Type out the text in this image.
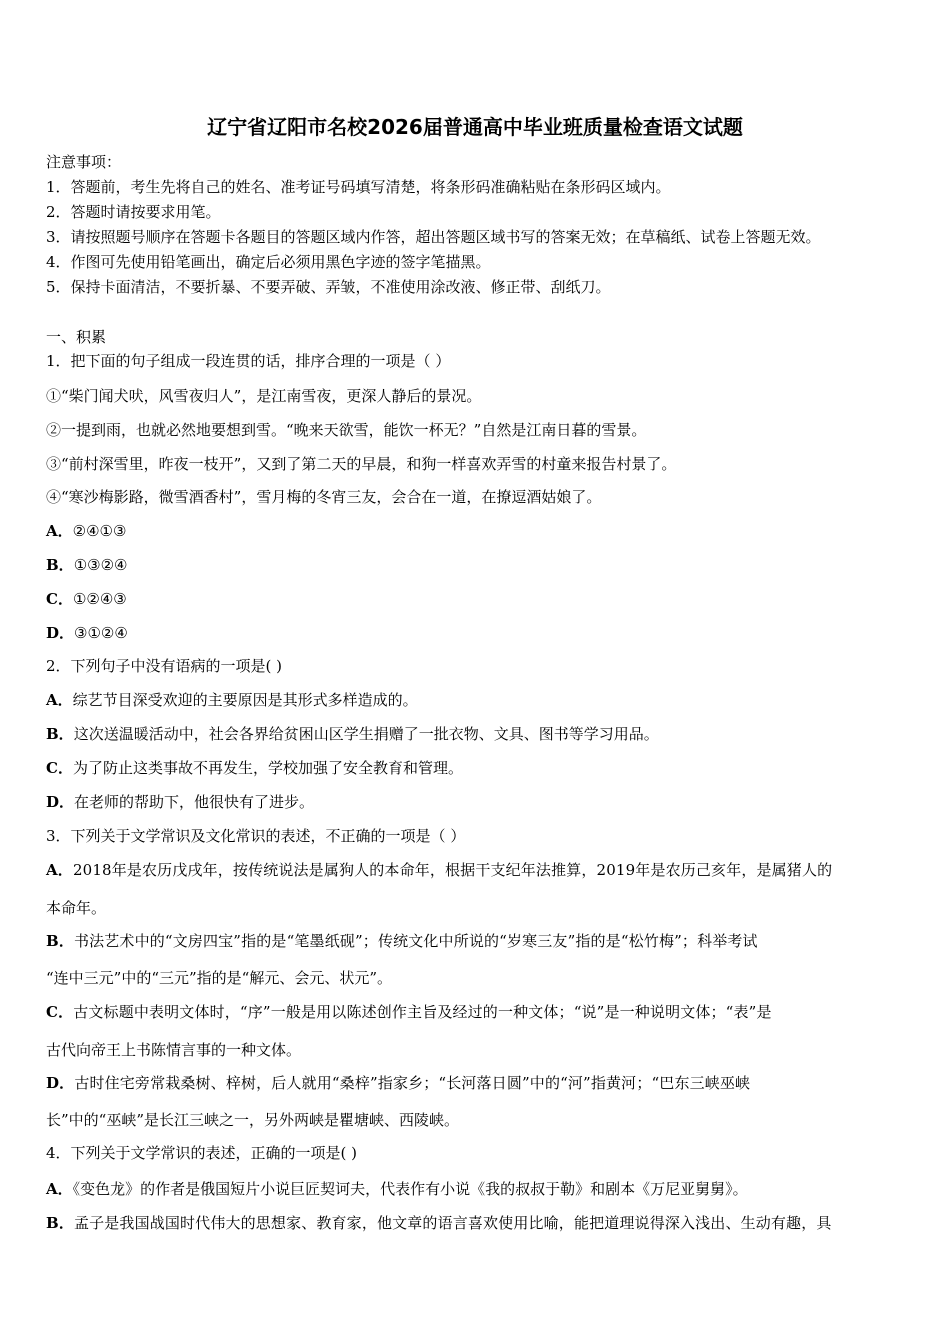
辽宁省辽阳市名校2026届普通高中毕业班质量检查语文试题
注意事项：
1．答题前，考生先将自己的姓名、准考证号码填写清楚，将条形码准确粘贴在条形码区域内。
2．答题时请按要求用笔。
3．请按照题号顺序在答题卡各题目的答题区域内作答，超出答题区域书写的答案无效；在草稿纸、试卷上答题无效。
4．作图可先使用铅笔画出，确定后必须用黑色字迹的签字笔描黑。
5．保持卡面清洁，不要折暴、不要弄破、弄皱，不准使用涂改液、修正带、刮纸刀。
一、积累
1．把下面的句子组成一段连贯的话，排序合理的一项是（ ）
①“柴门闻犬吠，风雪夜归人”，是江南雪夜，更深人静后的景况。
②一提到雨，也就必然地要想到雪。“晚来天欲雪，能饮一杯无？”自然是江南日暮的雪景。
③“前村深雪里，昨夜一枝开”，又到了第二天的早晨，和狗一样喜欢弄雪的村童来报告村景了。
④“寒沙梅影路，微雪酒香村”，雪月梅的冬宵三友，会合在一道，在撩逗酒姑娘了。
A．②④①③
B．①③②④
C．①②④③
D．③①②④
2．下列句子中没有语病的一项是( )
A．综艺节目深受欢迎的主要原因是其形式多样造成的。
B．这次送温暖活动中，社会各界给贫困山区学生捐赠了一批衣物、文具、图书等学习用品。
C．为了防止这类事故不再发生，学校加强了安全教育和管理。
D．在老师的帮助下，他很快有了进步。
3．下列关于文学常识及文化常识的表述，不正确的一项是（ ）
A．2018年是农历戊戌年，按传统说法是属狗人的本命年，根据干支纪年法推算，2019年是农历己亥年，是属猪人的
本命年。
B．书法艺术中的“文房四宝”指的是“笔墨纸砚”；传统文化中所说的“岁寒三友”指的是“松竹梅”；科举考试
“连中三元”中的“三元”指的是“解元、会元、状元”。
C．古文标题中表明文体时，“序”一般是用以陈述创作主旨及经过的一种文体；“说”是一种说明文体；“表”是
古代向帝王上书陈情言事的一种文体。
D．古时住宅旁常栽桑树、梓树，后人就用“桑梓”指家乡；“长河落日圆”中的“河”指黄河；“巴东三峡巫峡
长”中的“巫峡”是长江三峡之一，另外两峡是瞿塘峡、西陵峡。
4．下列关于文学常识的表述，正确的一项是( )
A．《变色龙》的作者是俄国短片小说巨匠契诃夫，代表作有小说《我的叔叔于勒》和剧本《万尼亚舅舅》。
B．孟子是我国战国时代伟大的思想家、教育家，他文章的语言喜欢使用比喻，能把道理说得深入浅出、生动有趣，具
